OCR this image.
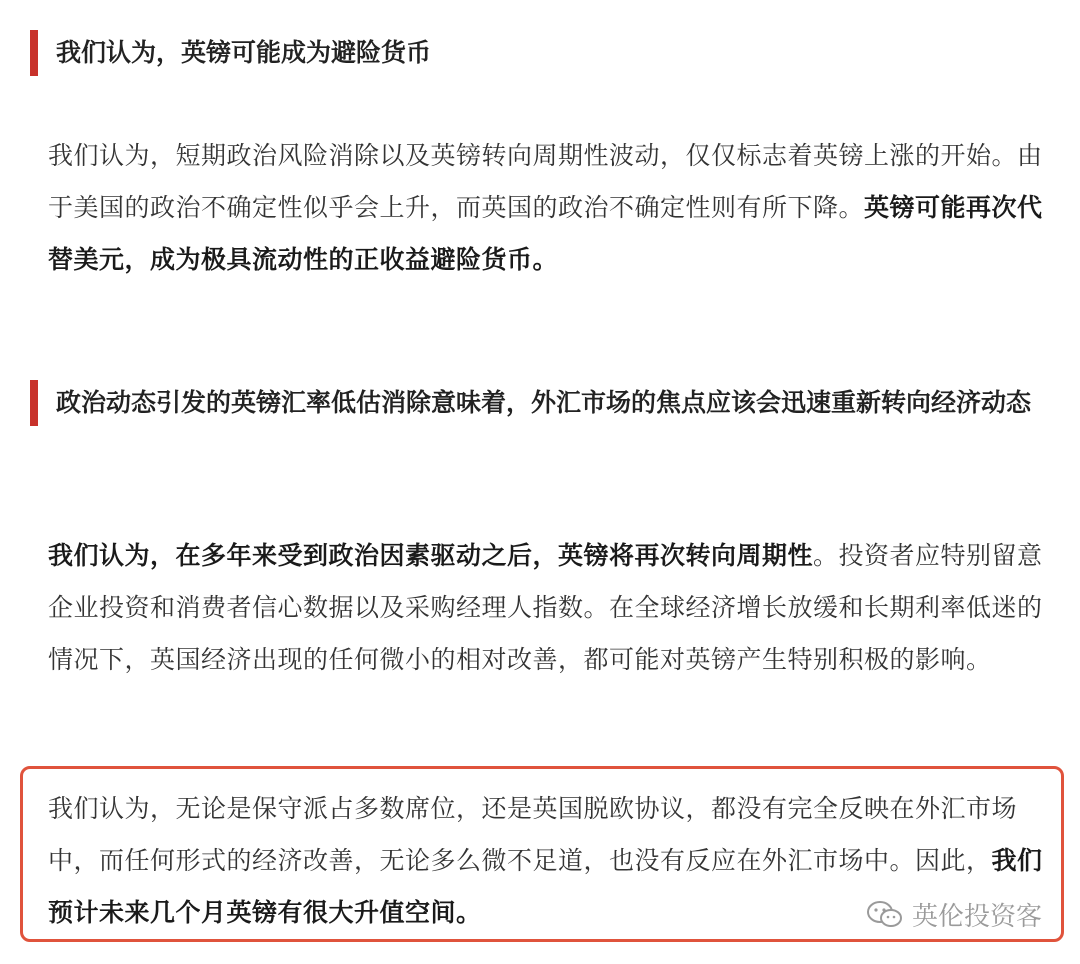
我们认为，英镑可能成为避险货币
我们认为，短期政治风险消除以及英镑转向周期性波动，仅仅标志着英镑上涨的开始。由于美国的政治不确定性似乎会上升，而英国的政治不确定性则有所下降。英镑可能再次代替美元，成为极具流动性的正收益避险货币。
政治动态引发的英镑汇率低估消除意味着，外汇市场的焦点应该会迅速重新转向经济动态
我们认为，在多年来受到政治因素驱动之后，英镑将再次转向周期性。投资者应特别留意企业投资和消费者信心数据以及采购经理人指数。在全球经济增长放缓和长期利率低迷的情况下，英国经济出现的任何微小的相对改善，都可能对英镑产生特别积极的影响。
我们认为，无论是保守派占多数席位，还是英国脱欧协议，都没有完全反映在外汇市场中，而任何形式的经济改善，无论多么微不足道，也没有反应在外汇市场中。因此，我们预计未来几个月英镑有很大升值空间。	英伦投资客
